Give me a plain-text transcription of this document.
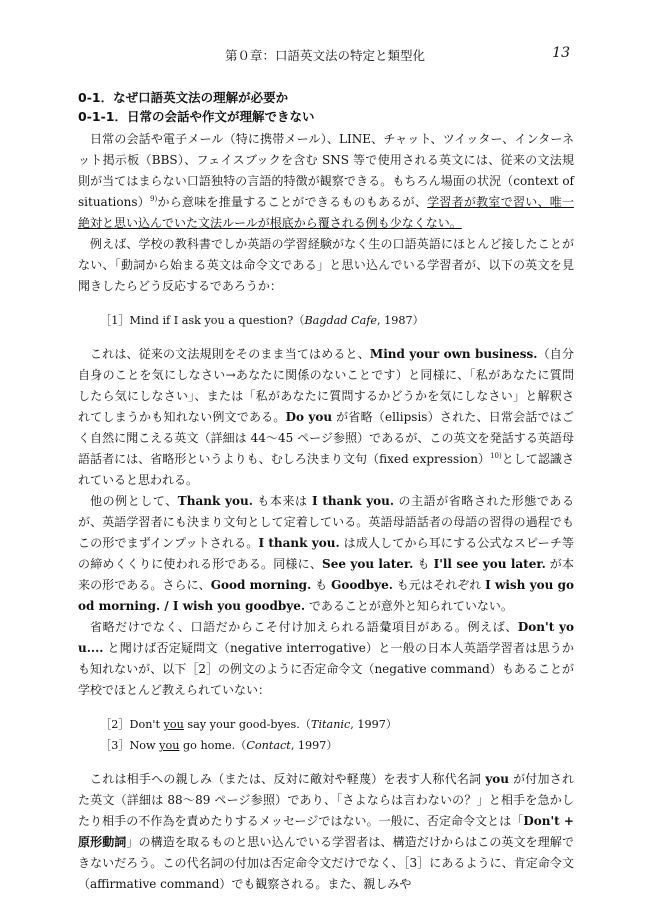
第０章：口語英文法の特定と類型化	13
0-1．なぜ口語英文法の理解が必要か
0-1-1．日常の会話や作文が理解できない

日常の会話や電子メール（特に携帯メール）、LINE、チャット、ツイッター、インターネット掲示板（BBS）、フェイスブックを含む SNS 等で使用される英文には、従来の文法規則が当てはまらない口語独特の言語的特徴が観察できる。もちろん場面の状況（context of situations）$^{9)}$から意味を推量することができるものもあるが、学習者が教室で習い、唯一絶対と思い込んでいた文法ルールが根底から覆される例も少なくない。

例えば、学校の教科書でしか英語の学習経験がなく生の口語英語にほとんど接したことがない、「動詞から始まる英文は命令文である」と思い込んでいる学習者が、以下の英文を見聞きしたらどう反応するであろうか：

［1］Mind if I ask you a question?（Bagdad Cafe, 1987）

これは、従来の文法規則をそのまま当てはめると、Mind your own business.（自分自身のことを気にしなさい→あなたに関係のないことです）と同様に、「私があなたに質問したら気にしなさい」、または「私があなたに質問するかどうかを気にしなさい」と解釈されてしまうかも知れない例文である。Do you が省略（ellipsis）された、日常会話ではごく自然に聞こえる英文（詳細は 44～45 ページ参照）であるが、この英文を発話する英語母語話者には、省略形というよりも、むしろ決まり文句（fixed expression）$^{10)}$として認識されていると思われる。

他の例として、Thank you. も本来は I thank you. の主語が省略された形態であるが、英語学習者にも決まり文句として定着している。英語母語話者の母語の習得の過程でもこの形でまずインプットされる。I thank you. は成人してから耳にする公式なスピーチ等の締めくくりに使われる形である。同様に、See you later. も I'll see you later. が本来の形である。さらに、Good morning. も Goodbye. も元はそれぞれ I wish you good morning. / I wish you goodbye. であることが意外と知られていない。

省略だけでなく、口語だからこそ付け加えられる語彙項目がある。例えば、Don't you.... と聞けば否定疑問文（negative interrogative）と一般の日本人英語学習者は思うかも知れないが、以下［2］の例文のように否定命令文（negative command）もあることが学校でほとんど教えられていない：

［2］Don't you say your good-byes.（Titanic, 1997）
［3］Now you go home.（Contact, 1997）

これは相手への親しみ（または、反対に敵対や軽蔑）を表す人称代名詞 you が付加された英文（詳細は 88～89 ページ参照）であり、「さよならは言わないの？」と相手を急かしたり相手の不作為を責めたりするメッセージではない。一般に、否定命令文とは「Don't + 原形動詞」の構造を取るものと思い込んでいる学習者は、構造だけからはこの英文を理解できないだろう。この代名詞の付加は否定命令文だけでなく、［3］にあるように、肯定命令文（affirmative command）でも観察される。また、親しみや
